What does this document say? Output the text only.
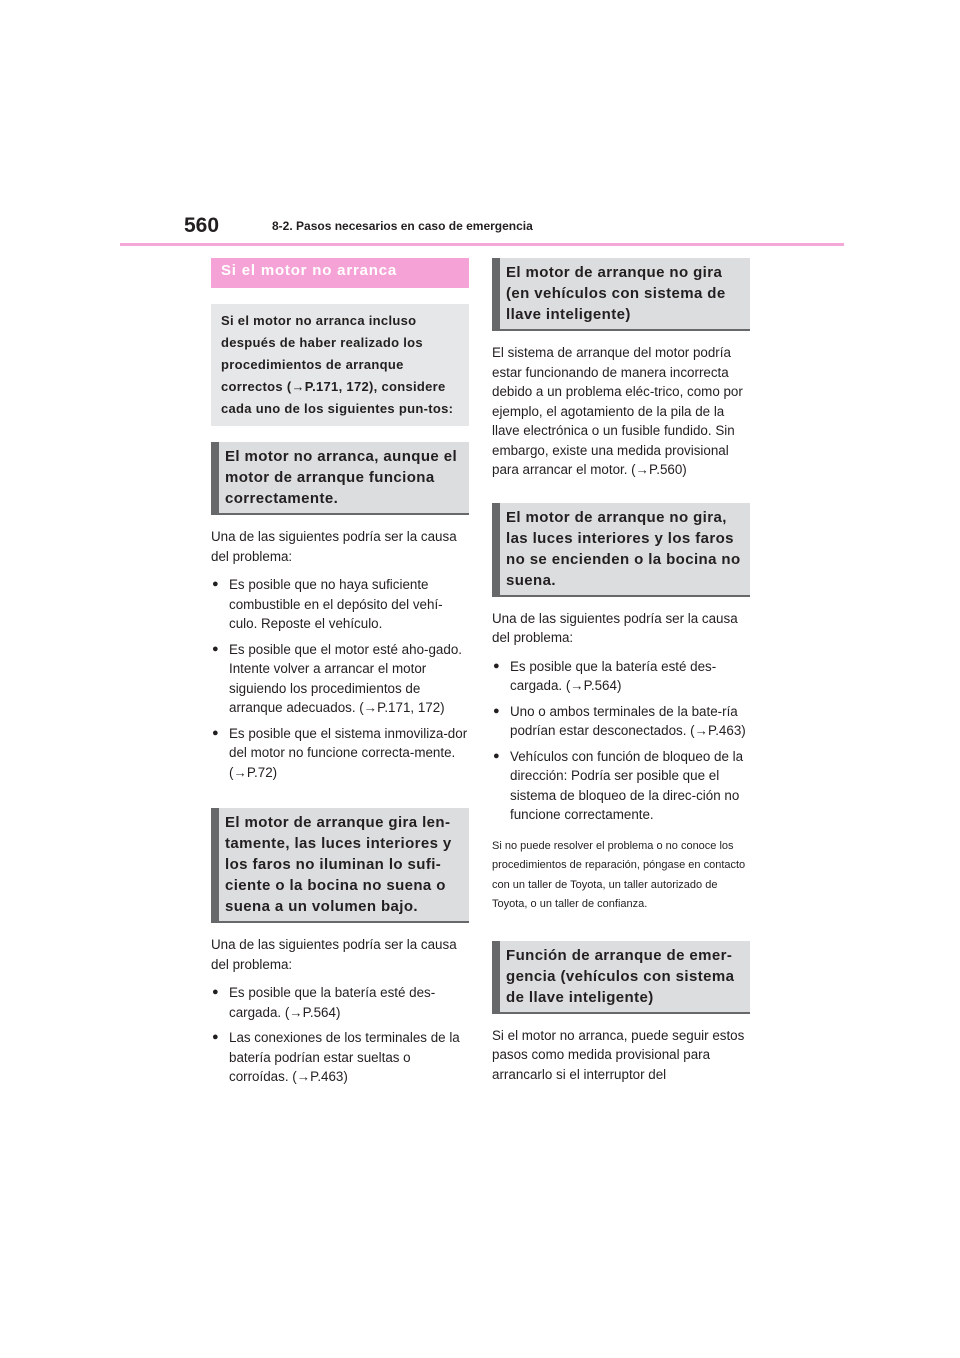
560	8-2. Pasos necesarios en caso de emergencia
Si el motor no arranca
Si el motor no arranca incluso después de haber realizado los procedimientos de arranque correctos (→P.171, 172), considere cada uno de los siguientes pun-tos:
El motor no arranca, aunque el motor de arranque funciona correctamente.

Una de las siguientes podría ser la causa del problema:

● Es posible que no haya suficiente combustible en el depósito del vehí-culo. Reposte el vehículo.
● Es posible que el motor esté aho-gado. Intente volver a arrancar el motor siguiendo los procedimientos de arranque adecuados. (→P.171, 172)
● Es posible que el sistema inmoviliza-dor del motor no funcione correcta-mente. (→P.72)
El motor de arranque gira len-tamente, las luces interiores y los faros no iluminan lo sufi-ciente o la bocina no suena o suena a un volumen bajo.

Una de las siguientes podría ser la causa del problema:

● Es posible que la batería esté des-cargada. (→P.564)
● Las conexiones de los terminales de la batería podrían estar sueltas o corroídas. (→P.463)
El motor de arranque no gira (en vehículos con sistema de llave inteligente)

El sistema de arranque del motor podría estar funcionando de manera incorrecta debido a un problema eléc-trico, como por ejemplo, el agotamiento de la pila de la llave electrónica o un fusible fundido. Sin embargo, existe una medida provisional para arrancar el motor. (→P.560)

El motor de arranque no gira, las luces interiores y los faros no se encienden o la bocina no suena.

Una de las siguientes podría ser la causa del problema:

● Es posible que la batería esté des-cargada. (→P.564)
● Uno o ambos terminales de la bate-ría podrían estar desconectados. (→P.463)
● Vehículos con función de bloqueo de la dirección: Podría ser posible que el sistema de bloqueo de la direc-ción no funcione correctamente.

Si no puede resolver el problema o no conoce los procedimientos de reparación, póngase en contacto con un taller de Toyota, un taller autorizado de Toyota, o un taller de confianza.

Función de arranque de emer-gencia (vehículos con sistema de llave inteligente)

Si el motor no arranca, puede seguir estos pasos como medida provisional para arrancarlo si el interruptor del
